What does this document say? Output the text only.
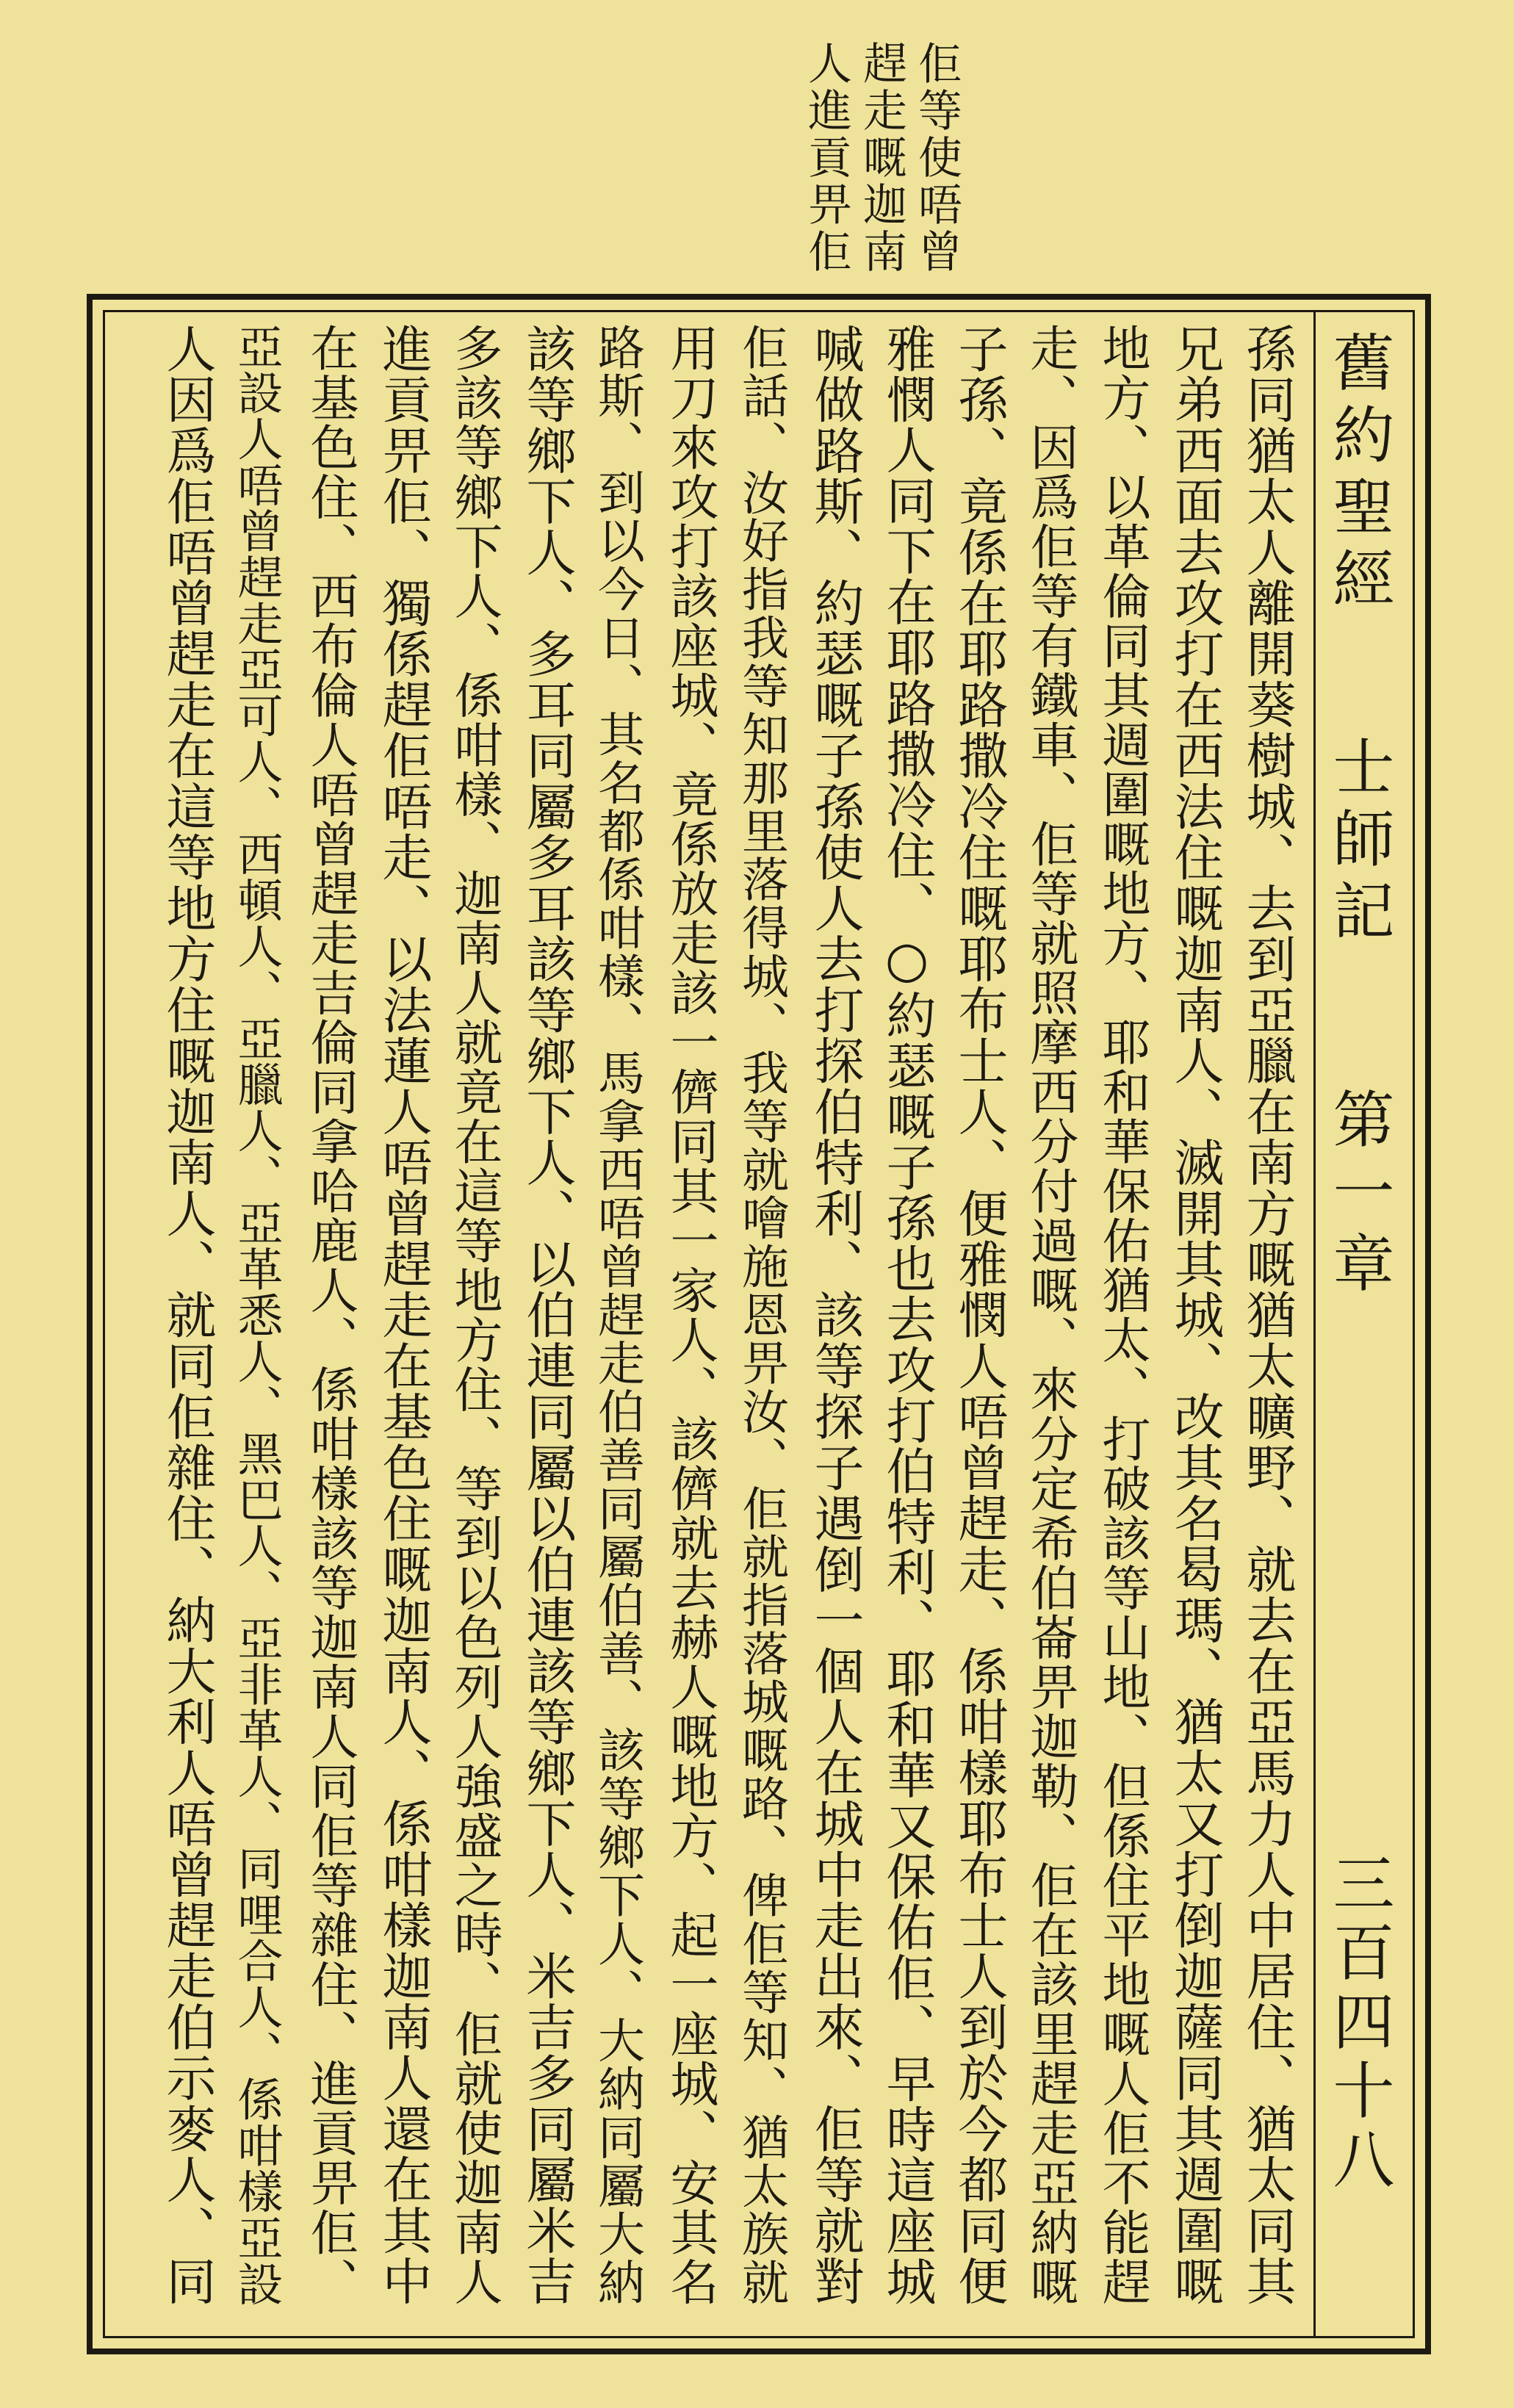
佢等使唔曾
趕走嘅迦南
人進貢畀佢
舊約聖經
士師記
第一章
三百四十八
孫同猶太人離開葵樹城、去到亞臘在南方嘅猶太曠野、就去在亞馬力人中居住、猶太同其
兄弟西面去攻打在西法住嘅迦南人、滅開其城、改其名曷瑪、猶太又打倒迦薩同其週圍嘅
地方、以革倫同其週圍嘅地方、耶和華保佑猶太、打破該等山地、但係住平地嘅人佢不能趕
走、因爲佢等有鐵車、佢等就照摩西分付過嘅、來分定希伯崙畀迦勒、佢在該里趕走亞納嘅
子孫、竟係在耶路撒冷住嘅耶布士人、便雅憫人唔曾趕走、係咁樣耶布士人到於今都同便
雅憫人同下在耶路撒冷住、○約瑟嘅子孫也去攻打伯特利、耶和華又保佑佢、早時這座城
喊做路斯、約瑟嘅子孫使人去打探伯特利、該等探子遇倒一個人在城中走出來、佢等就對
佢話、汝好指我等知那里落得城、我等就噲施恩畀汝、佢就指落城嘅路、俾佢等知、猶太族就
用刀來攻打該座城、竟係放走該一儕同其一家人、該儕就去赫人嘅地方、起一座城、安其名
路斯、到以今日、其名都係咁樣、馬拿西唔曾趕走伯善同屬伯善、該等鄉下人、大納同屬大納
該等鄉下人、多耳同屬多耳該等鄉下人、以伯連同屬以伯連該等鄉下人、米吉多同屬米吉
多該等鄉下人、係咁樣、迦南人就竟在這等地方住、等到以色列人強盛之時、佢就使迦南人
進貢畀佢、獨係趕佢唔走、以法蓮人唔曾趕走在基色住嘅迦南人、係咁樣迦南人還在其中
在基色住、西布倫人唔曾趕走吉倫同拿哈鹿人、係咁樣該等迦南人同佢等雜住、進貢畀佢、
亞設人唔曾趕走亞可人、西頓人、亞臘人、亞革悉人、黑巴人、亞非革人、同哩合人、係咁樣亞設
人因爲佢唔曾趕走在這等地方住嘅迦南人、就同佢雜住、納大利人唔曾趕走伯示麥人、同
